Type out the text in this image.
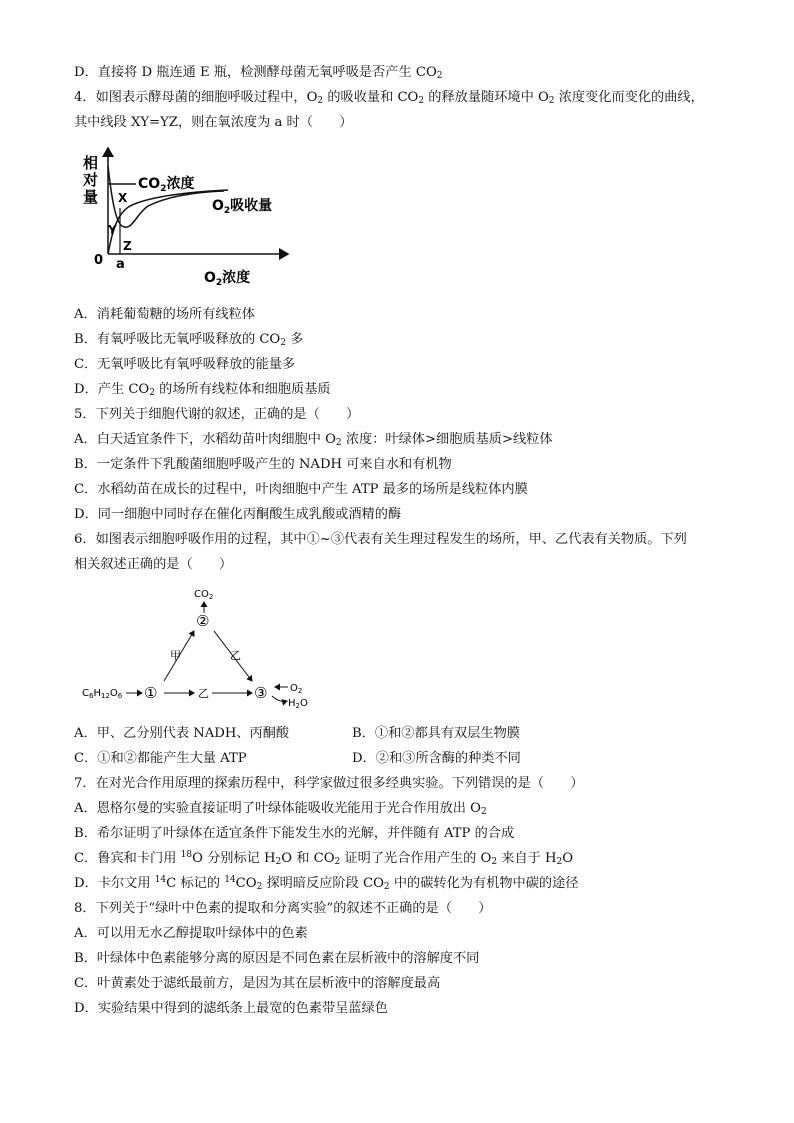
D．直接将 D 瓶连通 E 瓶，检测酵母菌无氧呼吸是否产生 $CO_2$
4．如图表示酵母菌的细胞呼吸过程中，$O_2$ 的吸收量和 $CO_2$ 的释放量随环境中 $O_2$ 浓度变化而变化的曲线，
其中线段 XY=YZ，则在氧浓度为 a 时（　　）
相
对
量
$CO_2$浓度
X
Y
Z
$O_2$吸收量
0 a
$O_2$浓度
A．消耗葡萄糖的场所有线粒体
B．有氧呼吸比无氧呼吸释放的 $CO_2$ 多
C．无氧呼吸比有氧呼吸释放的能量多
D．产生 $CO_2$ 的场所有线粒体和细胞质基质
5．下列关于细胞代谢的叙述，正确的是（　　）
A．白天适宜条件下，水稻幼苗叶肉细胞中 $O_2$ 浓度：叶绿体>细胞质基质>线粒体
B．一定条件下乳酸菌细胞呼吸产生的 NADH 可来自水和有机物
C．水稻幼苗在成长的过程中，叶肉细胞中产生 ATP 最多的场所是线粒体内膜
D．同一细胞中同时存在催化丙酮酸生成乳酸或酒精的酶
6．如图表示细胞呼吸作用的过程，其中①~③代表有关生理过程发生的场所，甲、乙代表有关物质。下列
相关叙述正确的是（　　）
$CO_2$
②
$C_6H_{12}O_6$ ①
甲	乙
乙	③ $O_2$
$H_2O$
A．甲、乙分别代表 NADH、丙酮酸	B．①和②都具有双层生物膜
C．①和②都能产生大量 ATP	D．②和③所含酶的种类不同
7．在对光合作用原理的探索历程中，科学家做过很多经典实验。下列错误的是（　　）
A．恩格尔曼的实验直接证明了叶绿体能吸收光能用于光合作用放出 $O_2$
B．希尔证明了叶绿体在适宜条件下能发生水的光解，并伴随有 ATP 的合成
C．鲁宾和卡门用 $^{18}$O 分别标记 $H_2O$ 和 $CO_2$ 证明了光合作用产生的 $O_2$ 来自于 $H_2O$
D．卡尔文用 $^{14}$C 标记的 $^{14}CO_2$ 探明暗反应阶段 $CO_2$ 中的碳转化为有机物中碳的途径
8．下列关于“绿叶中色素的提取和分离实验”的叙述不正确的是（　　）
A．可以用无水乙醇提取叶绿体中的色素
B．叶绿体中色素能够分离的原因是不同色素在层析液中的溶解度不同
C．叶黄素处于滤纸最前方，是因为其在层析液中的溶解度最高
D．实验结果中得到的滤纸条上最宽的色素带呈蓝绿色
